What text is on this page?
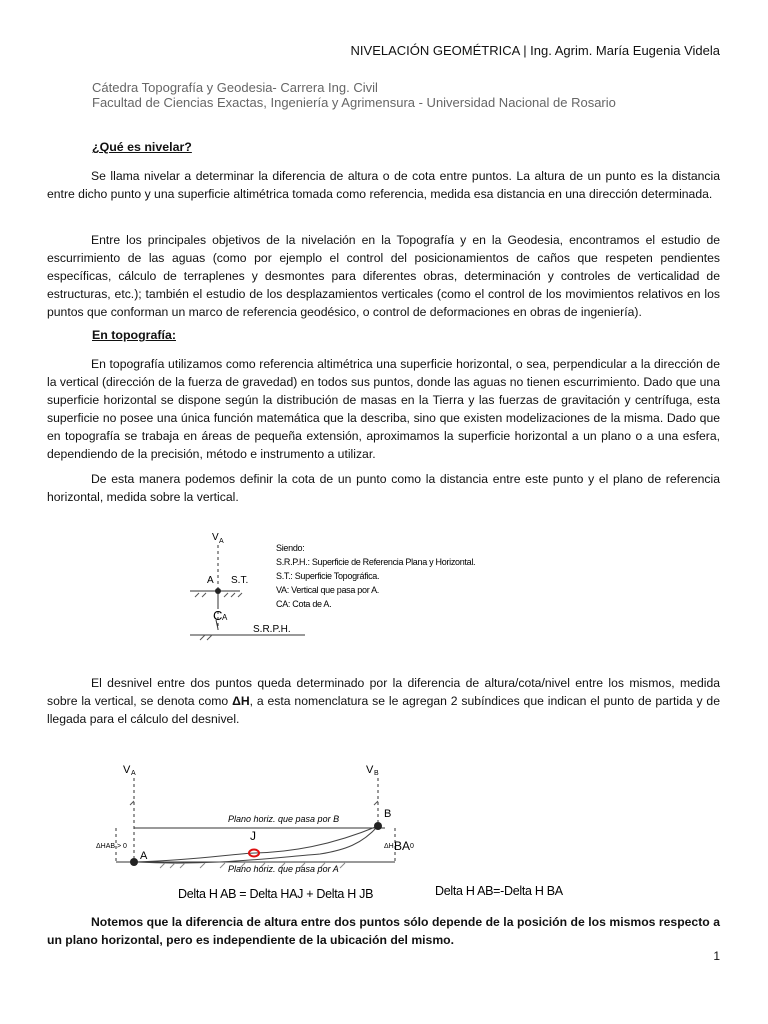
NIVELACIÓN GEOMÉTRICA | Ing. Agrim. María Eugenia Videla
Cátedra Topografía y Geodesia- Carrera Ing. Civil
Facultad de Ciencias Exactas, Ingeniería y Agrimensura - Universidad Nacional de Rosario

¿Qué es nivelar?

Se llama nivelar a determinar la diferencia de altura o de cota entre puntos. La altura de un punto es la distancia entre dicho punto y una superficie altimétrica tomada como referencia, medida esa distancia en una dirección determinada.

Entre los principales objetivos de la nivelación en la Topografía y en la Geodesia, encontramos el estudio de escurrimiento de las aguas (como por ejemplo el control del posicionamientos de caños que respeten pendientes específicas, cálculo de terraplenes y desmontes para diferentes obras, determinación y controles de verticalidad de estructuras, etc.); también el estudio de los desplazamientos verticales (como el control de los movimientos relativos en los puntos que conforman un marco de referencia geodésico, o control de deformaciones en obras de ingeniería).

En topografía:

En topografía utilizamos como referencia altimétrica una superficie horizontal, o sea, perpendicular a la dirección de la vertical (dirección de la fuerza de gravedad) en todos sus puntos, donde las aguas no tienen escurrimiento. Dado que una superficie horizontal se dispone según la distribución de masas en la Tierra y las fuerzas de gravitación y centrífuga, esta superficie no posee una única función matemática que la describa, sino que existen modelizaciones de la misma. Dado que en topografía se trabaja en áreas de pequeña extensión, aproximamos la superficie horizontal a un plano o a una esfera, dependiendo de la precisión, método e instrumento a utilizar.

De esta manera podemos definir la cota de un punto como la distancia entre este punto y el plano de referencia horizontal, medida sobre la vertical.

V A
A S.T.
C A
S.R.P.H.
Siendo:
S.R.P.H.: Superficie de Referencia Plana y Horizontal.
S.T.: Superficie Topográfica.
VA: Vertical que pasa por A.
CA: Cota de A.

El desnivel entre dos puntos queda determinado por la diferencia de altura/cota/nivel entre los mismos, medida sobre la vertical, se denota como ΔH, a esta nomenclatura se le agregan 2 subíndices que indican el punto de partida y de llegada para el cálculo del desnivel.

V A	V B
B
A
J
Plano horiz. que pasa por B
Plano horiz. que pasa por A
ΔHAB > 0	ΔH BA 0
Delta H AB = Delta HAJ + Delta H JB	Delta H AB=-Delta H BA

Notemos que la diferencia de altura entre dos puntos sólo depende de la posición de los mismos respecto a un plano horizontal, pero es independiente de la ubicación del mismo.

1
